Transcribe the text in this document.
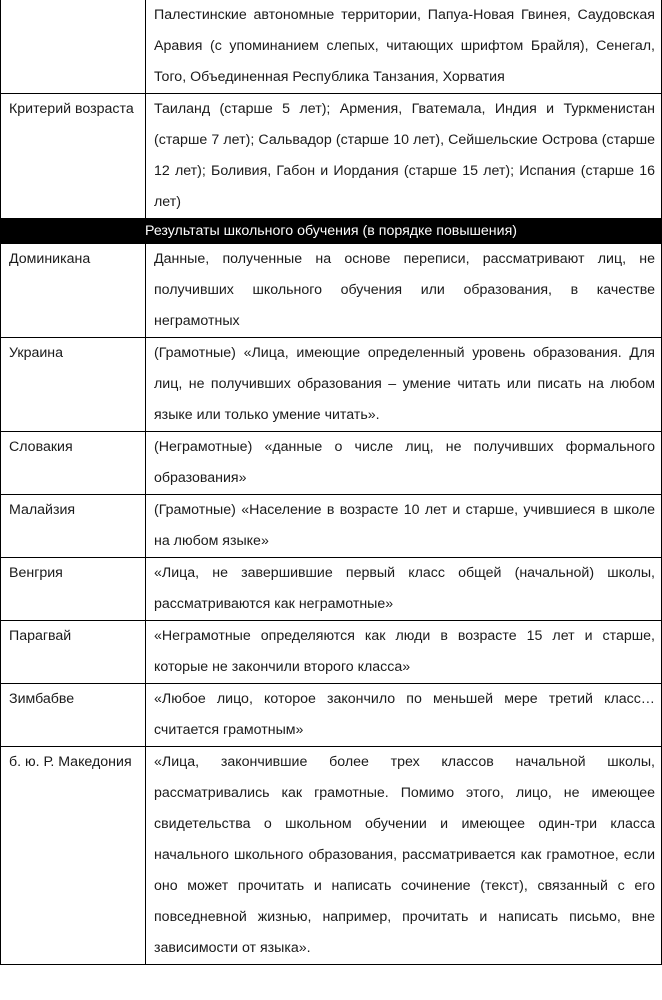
	Палестинские автономные территории, Папуа-Новая Гвинея, Саудовская Аравия (с упоминанием слепых, читающих шрифтом Брайля), Сенегал, Того, Объединенная Республика Танзания, Хорватия

Критерий возраста	Таиланд (старше 5 лет); Армения, Гватемала, Индия и Туркменистан (старше 7 лет); Сальвадор (старше 10 лет), Сейшельские Острова (старше 12 лет); Боливия, Габон и Иордания (старше 15 лет); Испания (старше 16 лет)

Результаты школьного обучения (в порядке повышения)	

Доминикана	Данные, полученные на основе переписи, рассматривают лиц, не получивших школьного обучения или образования, в качестве неграмотных

Украина	(Грамотные) «Лица, имеющие определенный уровень образования. Для лиц, не получивших образования – умение читать или писать на любом языке или только умение читать».

Словакия	(Неграмотные) «данные о числе лиц, не получивших формального образования»

Малайзия	(Грамотные) «Население в возрасте 10 лет и старше, учившиеся в школе на любом языке»

Венгрия	«Лица, не завершившие первый класс общей (начальной) школы, рассматриваются как неграмотные»

Парагвай	«Неграмотные определяются как люди в возрасте 15 лет и старше, которые не закончили второго класса»

Зимбабве	«Любое лицо, которое закончило по меньшей мере третий класс… считается грамотным»

б. ю. Р. Македония	«Лица, закончившие более трех классов начальной школы, рассматривались как грамотные. Помимо этого, лицо, не имеющее свидетельства о школьном обучении и имеющее один-три класса начального школьного образования, рассматривается как грамотное, если оно может прочитать и написать сочинение (текст), связанный с его повседневной жизнью, например, прочитать и написать письмо, вне зависимости от языка».
